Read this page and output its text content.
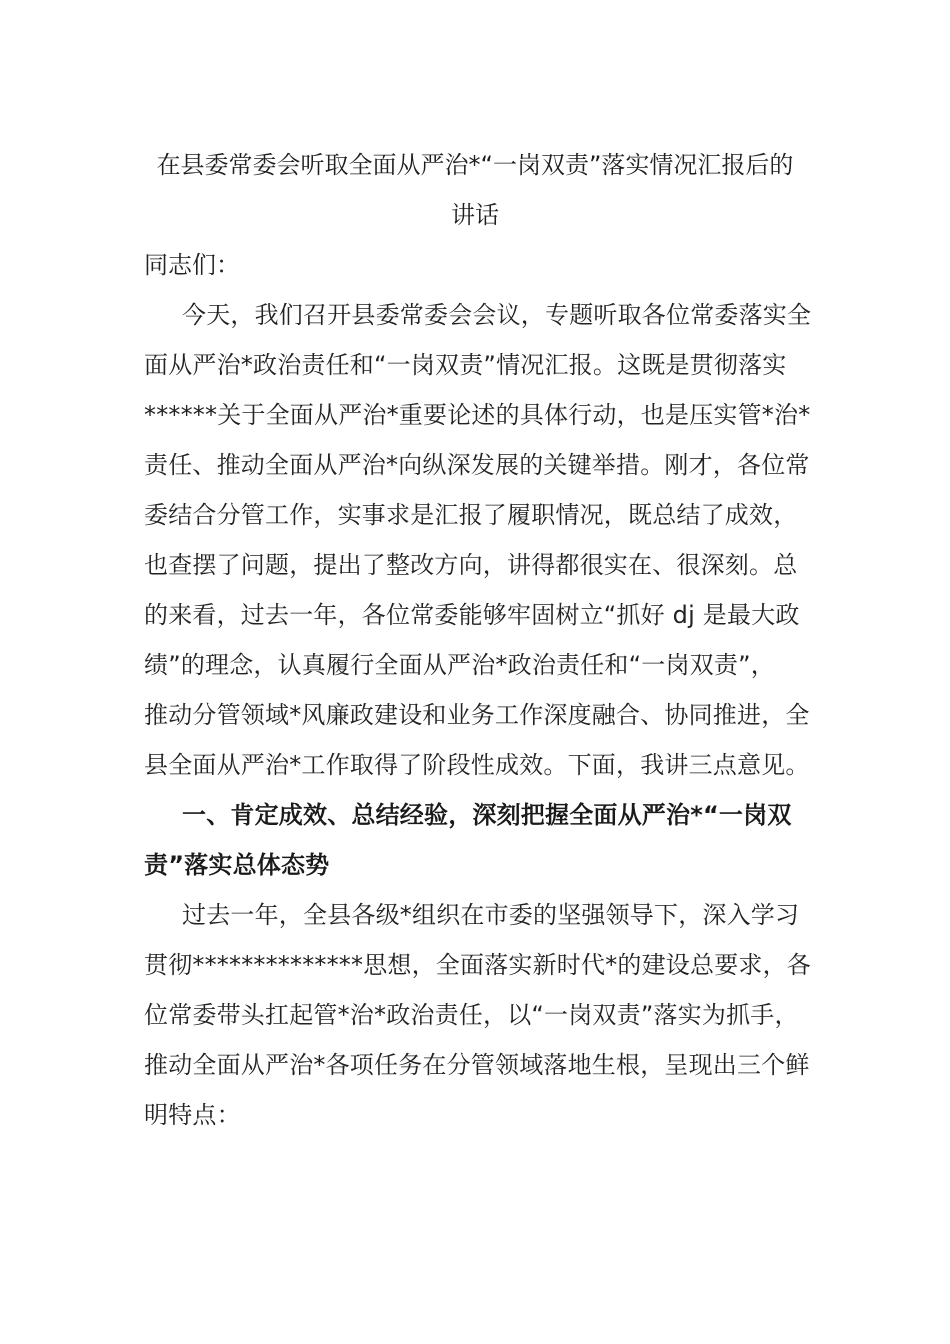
在县委常委会听取全面从严治*“一岗双责”落实情况汇报后的
讲话

同志们：

今天，我们召开县委常委会会议，专题听取各位常委落实全
面从严治*政治责任和“一岗双责”情况汇报。这既是贯彻落实
******关于全面从严治*重要论述的具体行动，也是压实管*治*
责任、推动全面从严治*向纵深发展的关键举措。刚才，各位常
委结合分管工作，实事求是汇报了履职情况，既总结了成效，
也查摆了问题，提出了整改方向，讲得都很实在、很深刻。总
的来看，过去一年，各位常委能够牢固树立“抓好 dj 是最大政
绩”的理念，认真履行全面从严治*政治责任和“一岗双责”，
推动分管领域*风廉政建设和业务工作深度融合、协同推进，全
县全面从严治*工作取得了阶段性成效。下面，我讲三点意见。
一、肯定成效、总结经验，深刻把握全面从严治*“一岗双
责”落实总体态势
过去一年，全县各级*组织在市委的坚强领导下，深入学习
贯彻**************思想，全面落实新时代*的建设总要求，各
位常委带头扛起管*治*政治责任，以“一岗双责”落实为抓手，
推动全面从严治*各项任务在分管领域落地生根，呈现出三个鲜
明特点：
